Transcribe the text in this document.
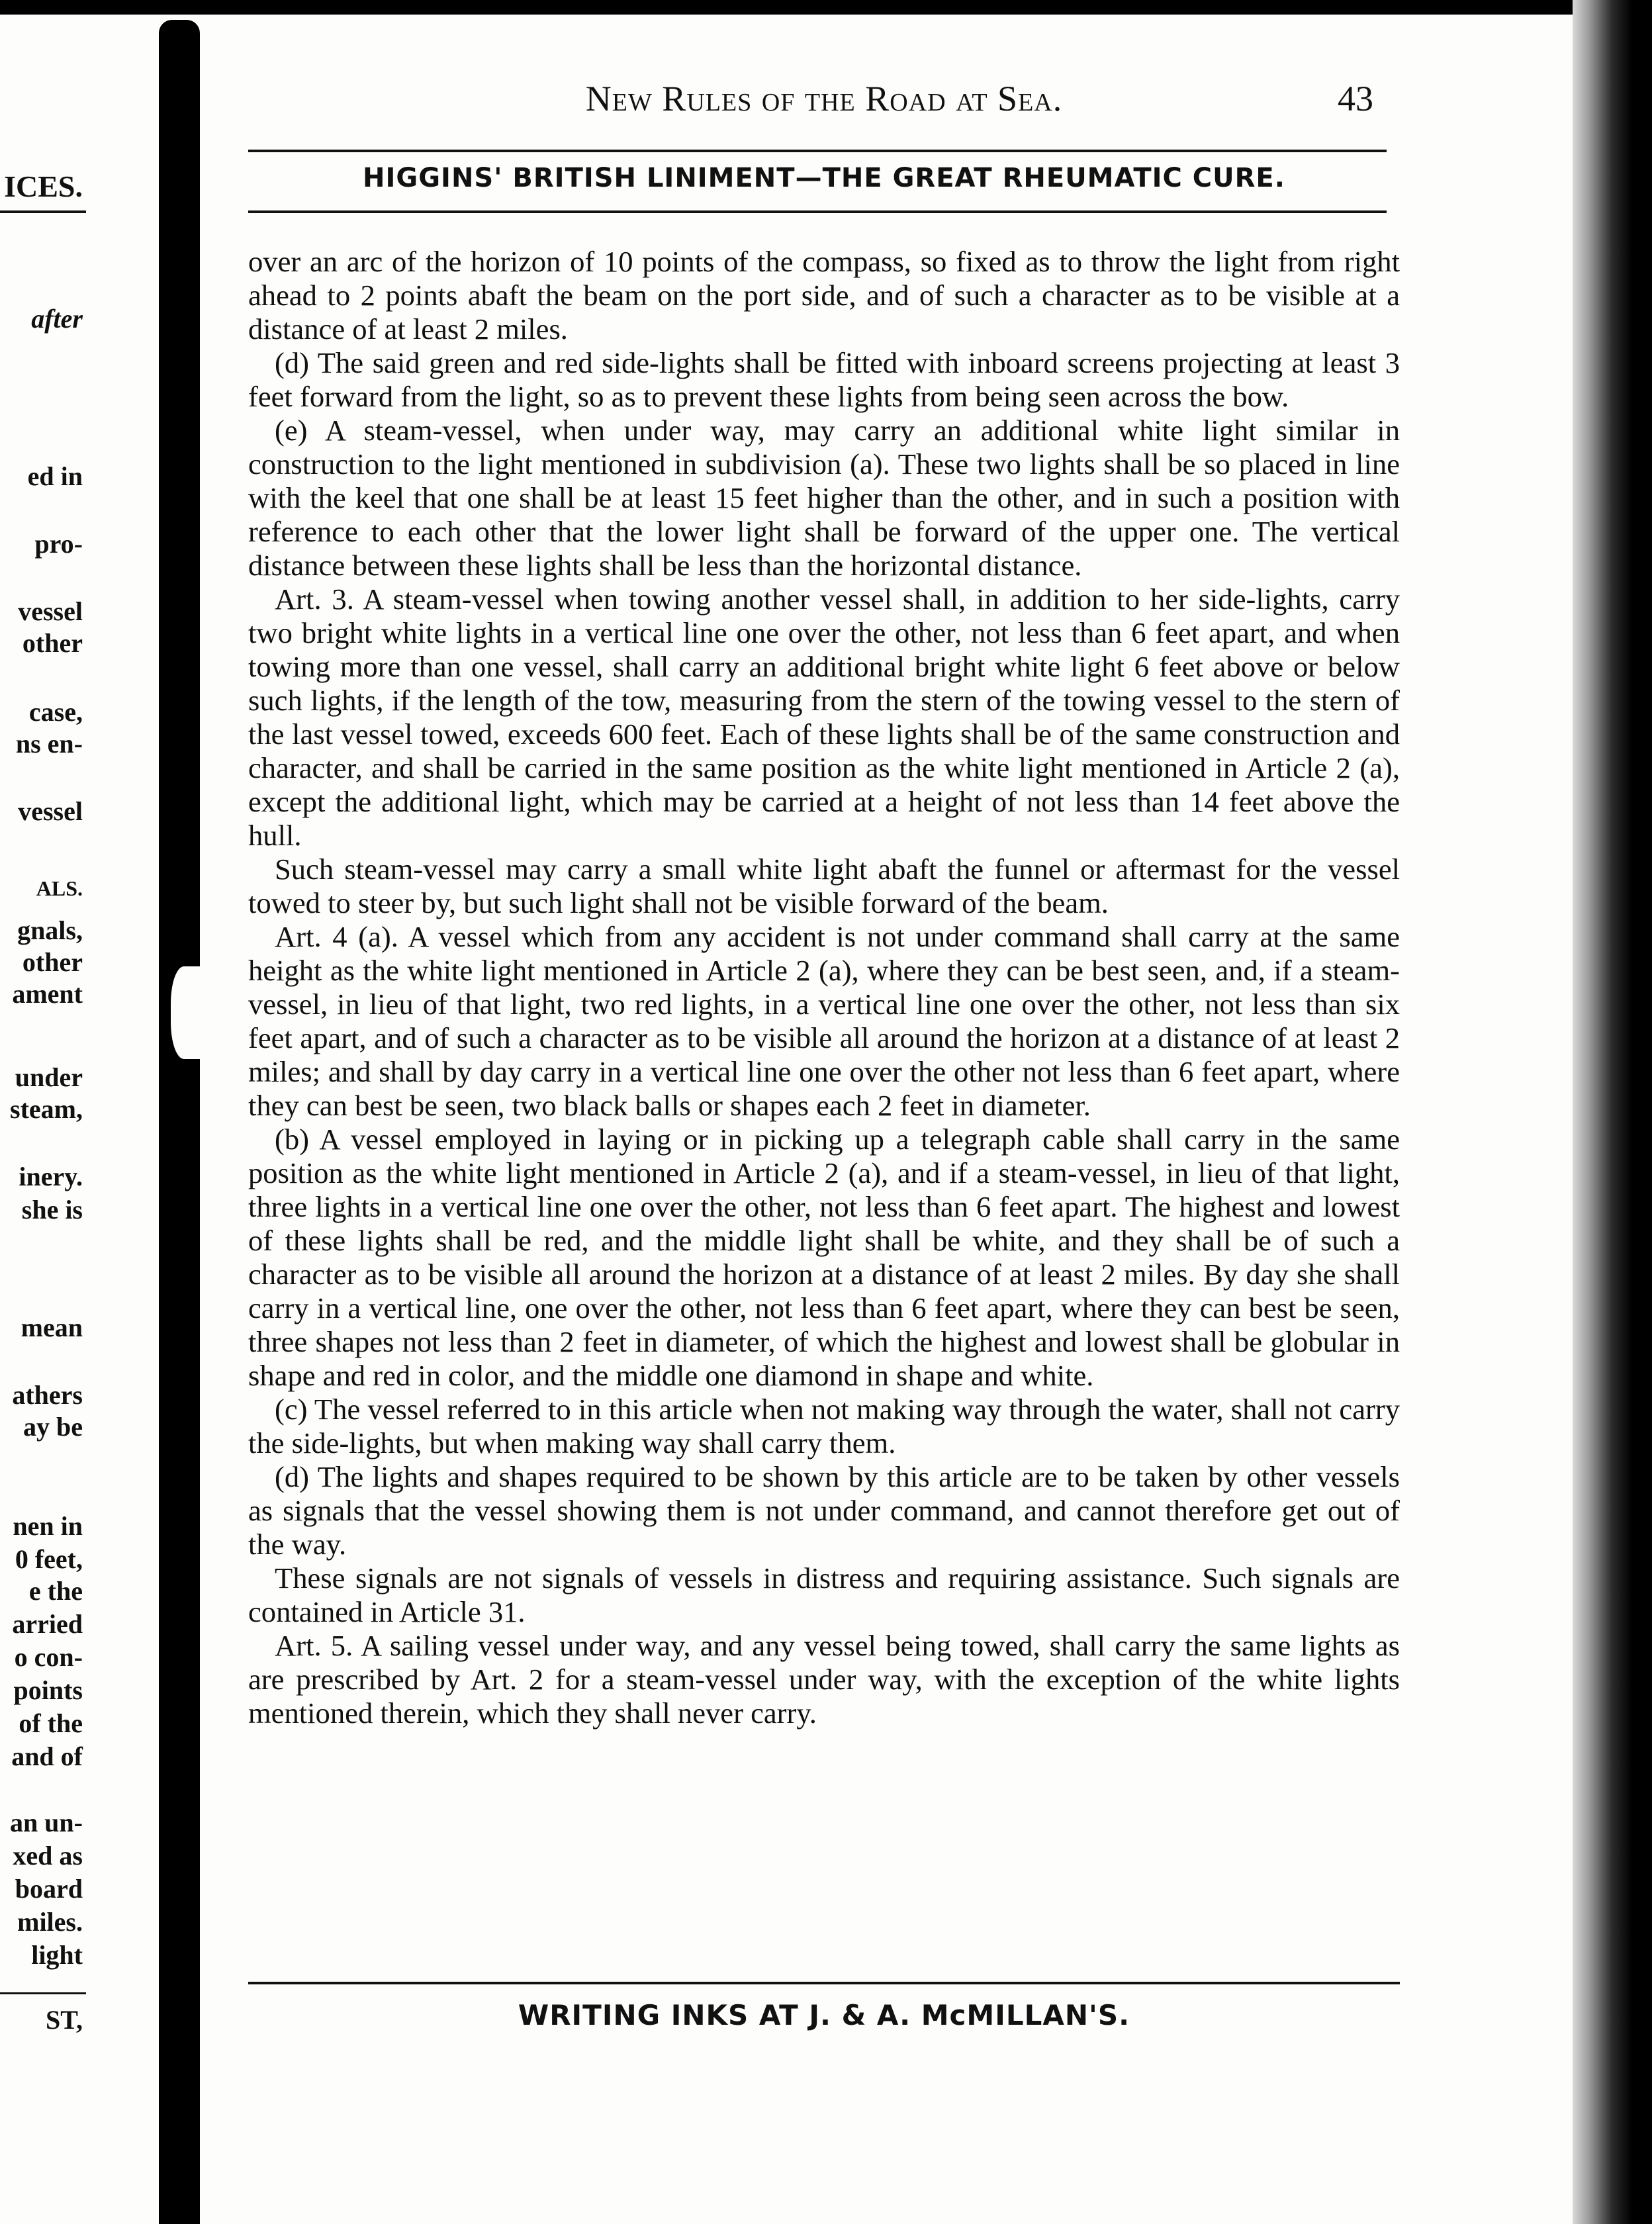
ICES.
after
ed in
pro-
vessel
other
case,
ns en-
vessel
ALS.
gnals,
other
ament
under
steam,
inery.
she is
mean
athers
ay be
nen in
0 feet,
e the
arried
o con-
points
of the
and of
an un-
xed as
board
miles.
light
ST,
New Rules of the Road at Sea.	43
HIGGINS' BRITISH LINIMENT—THE GREAT RHEUMATIC CURE.

over an arc of the horizon of 10 points of the compass, so fixed as to throw the light from right ahead to 2 points abaft the beam on the port side, and of such a character as to be visible at a distance of at least 2 miles.

(d) The said green and red side-lights shall be fitted with inboard screens projecting at least 3 feet forward from the light, so as to prevent these lights from being seen across the bow.

(e) A steam-vessel, when under way, may carry an additional white light similar in construction to the light mentioned in subdivision (a). These two lights shall be so placed in line with the keel that one shall be at least 15 feet higher than the other, and in such a position with reference to each other that the lower light shall be forward of the upper one. The vertical distance between these lights shall be less than the horizontal distance.

Art. 3. A steam-vessel when towing another vessel shall, in addition to her side-lights, carry two bright white lights in a vertical line one over the other, not less than 6 feet apart, and when towing more than one vessel, shall carry an additional bright white light 6 feet above or below such lights, if the length of the tow, measuring from the stern of the towing vessel to the stern of the last vessel towed, exceeds 600 feet. Each of these lights shall be of the same construction and character, and shall be carried in the same position as the white light mentioned in Article 2 (a), except the additional light, which may be carried at a height of not less than 14 feet above the hull.

Such steam-vessel may carry a small white light abaft the funnel or aftermast for the vessel towed to steer by, but such light shall not be visible forward of the beam.

Art. 4 (a). A vessel which from any accident is not under command shall carry at the same height as the white light mentioned in Article 2 (a), where they can be best seen, and, if a steam-vessel, in lieu of that light, two red lights, in a vertical line one over the other, not less than six feet apart, and of such a character as to be visible all around the horizon at a distance of at least 2 miles; and shall by day carry in a vertical line one over the other not less than 6 feet apart, where they can best be seen, two black balls or shapes each 2 feet in diameter.

(b) A vessel employed in laying or in picking up a telegraph cable shall carry in the same position as the white light mentioned in Article 2 (a), and if a steam-vessel, in lieu of that light, three lights in a vertical line one over the other, not less than 6 feet apart. The highest and lowest of these lights shall be red, and the middle light shall be white, and they shall be of such a character as to be visible all around the horizon at a distance of at least 2 miles. By day she shall carry in a vertical line, one over the other, not less than 6 feet apart, where they can best be seen, three shapes not less than 2 feet in diameter, of which the highest and lowest shall be globular in shape and red in color, and the middle one diamond in shape and white.

(c) The vessel referred to in this article when not making way through the water, shall not carry the side-lights, but when making way shall carry them.

(d) The lights and shapes required to be shown by this article are to be taken by other vessels as signals that the vessel showing them is not under command, and cannot therefore get out of the way.

These signals are not signals of vessels in distress and requiring assistance. Such signals are contained in Article 31.

Art. 5. A sailing vessel under way, and any vessel being towed, shall carry the same lights as are prescribed by Art. 2 for a steam-vessel under way, with the exception of the white lights mentioned therein, which they shall never carry.

WRITING INKS AT J. & A. McMILLAN'S.
